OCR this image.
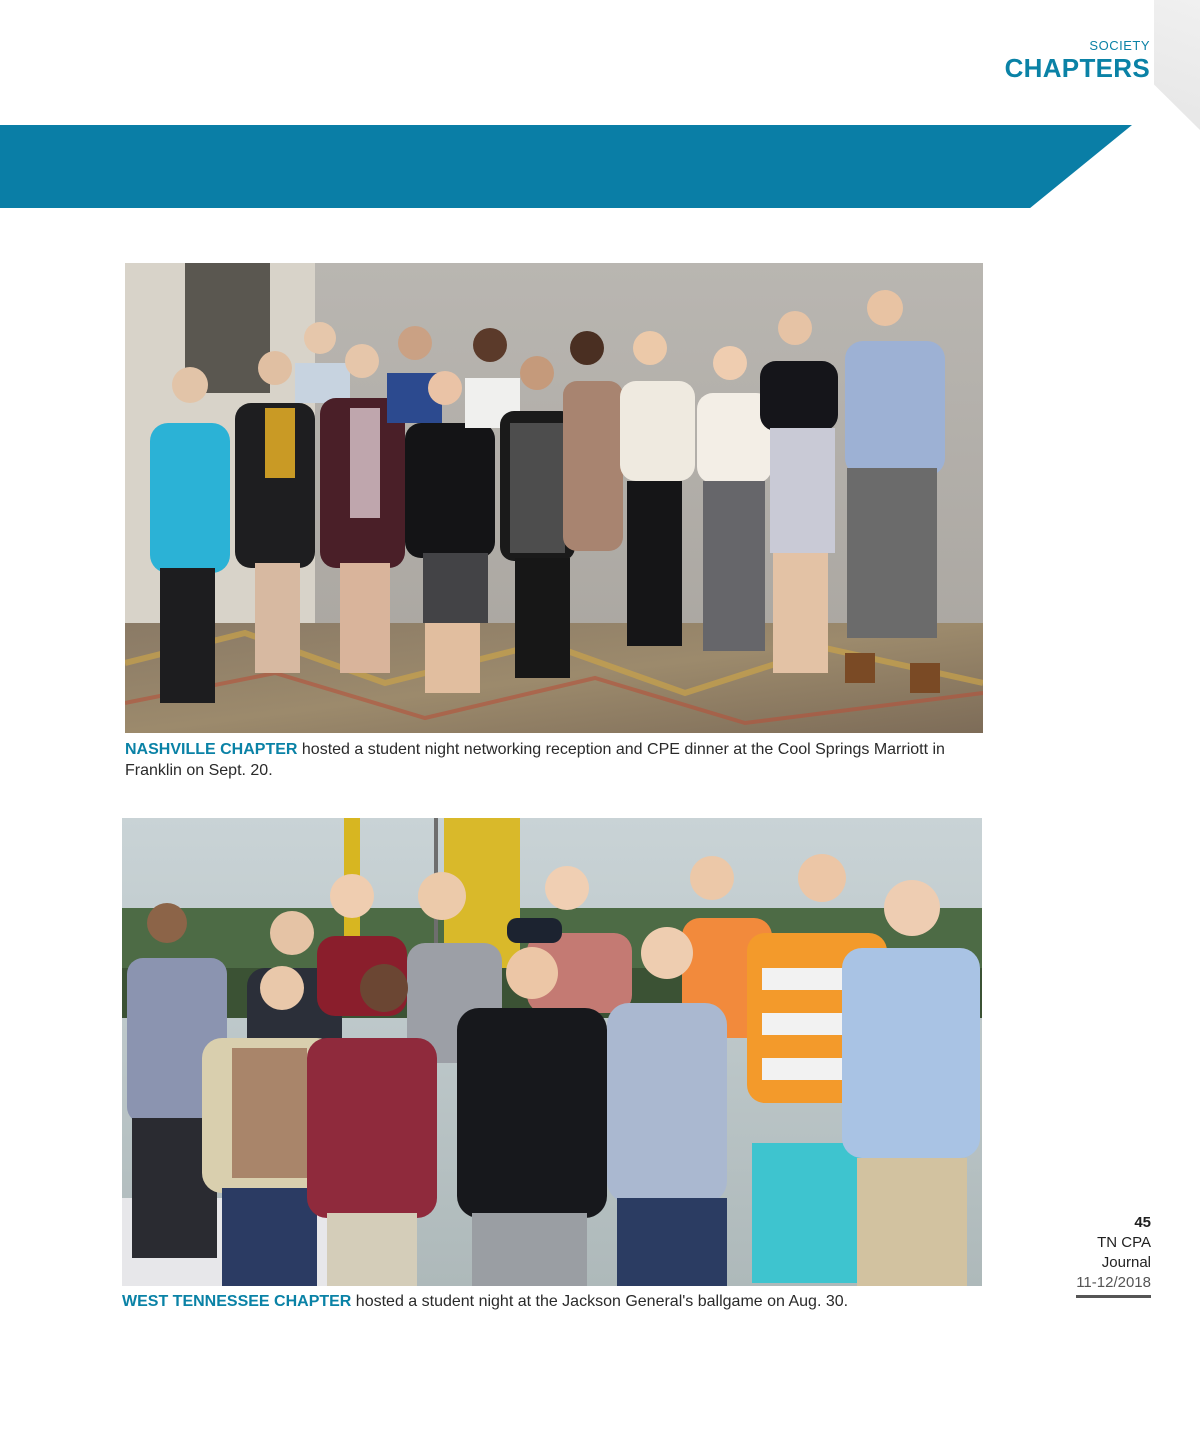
SOCIETY
CHAPTERS
NASHVILLE CHAPTER hosted a student night networking reception and CPE dinner at the Cool Springs Marriott in Franklin on Sept. 20.
WEST TENNESSEE CHAPTER hosted a student night at the Jackson General's ballgame on Aug. 30.
45
TN CPA
Journal
11-12/2018
